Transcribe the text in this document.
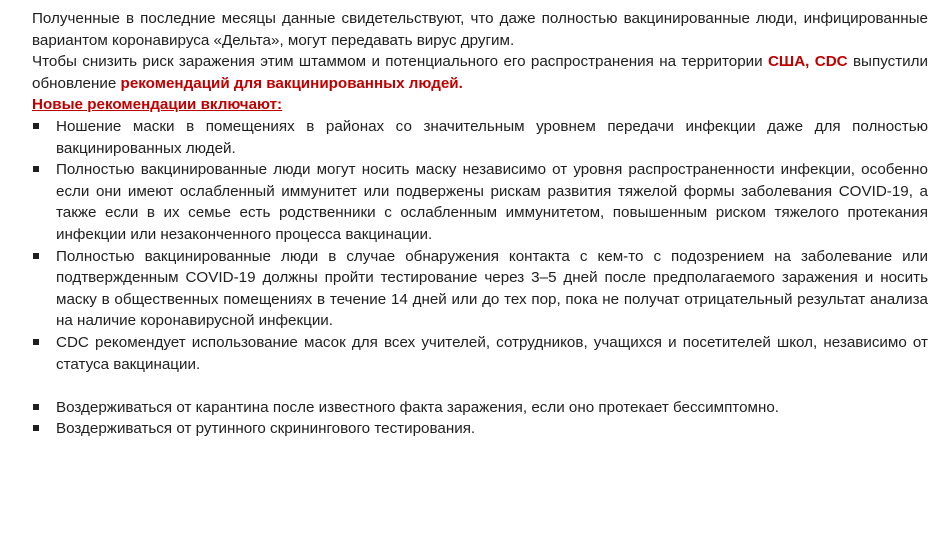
Полученные в последние месяцы данные свидетельствуют, что даже полностью вакцинированные люди, инфицированные вариантом коронавируса «Дельта», могут передавать вирус другим.

Чтобы снизить риск заражения этим штаммом и потенциального его распространения на территории США, CDC выпустили обновление рекомендаций для вакцинированных людей.

Новые рекомендации включают:

Ношение маски в помещениях в районах со значительным уровнем передачи инфекции даже для полностью вакцинированных людей.
Полностью вакцинированные люди могут носить маску независимо от уровня распространенности инфекции, особенно если они имеют ослабленный иммунитет или подвержены рискам развития тяжелой формы заболевания COVID-19, а также если в их семье есть родственники с ослабленным иммунитетом, повышенным риском тяжелого протекания инфекции или незаконченного процесса вакцинации.
Полностью вакцинированные люди в случае обнаружения контакта с кем-то с подозрением на заболевание или подтвержденным COVID-19 должны пройти тестирование через 3–5 дней после предполагаемого заражения и носить маску в общественных помещениях в течение 14 дней или до тех пор, пока не получат отрицательный результат анализа на наличие коронавирусной инфекции.
CDC рекомендует использование масок для всех учителей, сотрудников, учащихся и посетителей школ, независимо от статуса вакцинации.
Воздерживаться от карантина после известного факта заражения, если оно протекает бессимптомно.
Воздерживаться от рутинного скринингового тестирования.
